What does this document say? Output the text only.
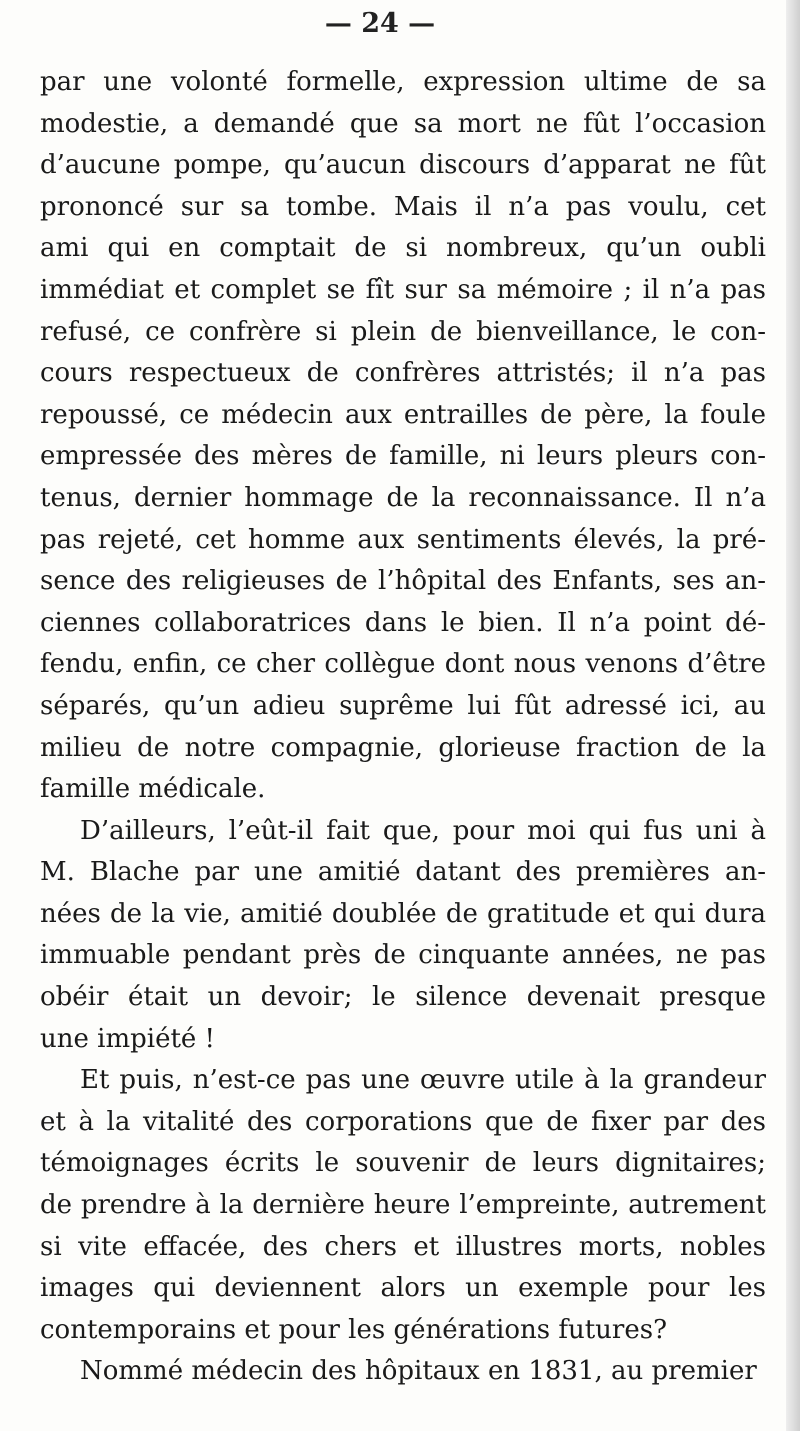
— 24 —
par une volonté formelle, expression ultime de sa
modestie, a demandé que sa mort ne fût l’occasion
d’aucune pompe, qu’aucun discours d’apparat ne fût
prononcé sur sa tombe. Mais il n’a pas voulu, cet
ami qui en comptait de si nombreux, qu’un oubli
immédiat et complet se fît sur sa mémoire ; il n’a pas
refusé, ce confrère si plein de bienveillance, le con-
cours respectueux de confrères attristés; il n’a pas
repoussé, ce médecin aux entrailles de père, la foule
empressée des mères de famille, ni leurs pleurs con-
tenus, dernier hommage de la reconnaissance. Il n’a
pas rejeté, cet homme aux sentiments élevés, la pré-
sence des religieuses de l’hôpital des Enfants, ses an-
ciennes collaboratrices dans le bien. Il n’a point dé-
fendu, enfin, ce cher collègue dont nous venons d’être
séparés, qu’un adieu suprême lui fût adressé ici, au
milieu de notre compagnie, glorieuse fraction de la
famille médicale.
D’ailleurs, l’eût-il fait que, pour moi qui fus uni à
M. Blache par une amitié datant des premières an-
nées de la vie, amitié doublée de gratitude et qui dura
immuable pendant près de cinquante années, ne pas
obéir était un devoir; le silence devenait presque
une impiété !
Et puis, n’est-ce pas une œuvre utile à la grandeur
et à la vitalité des corporations que de fixer par des
témoignages écrits le souvenir de leurs dignitaires;
de prendre à la dernière heure l’empreinte, autrement
si vite effacée, des chers et illustres morts, nobles
images qui deviennent alors un exemple pour les
contemporains et pour les générations futures?
Nommé médecin des hôpitaux en 1831, au premier
